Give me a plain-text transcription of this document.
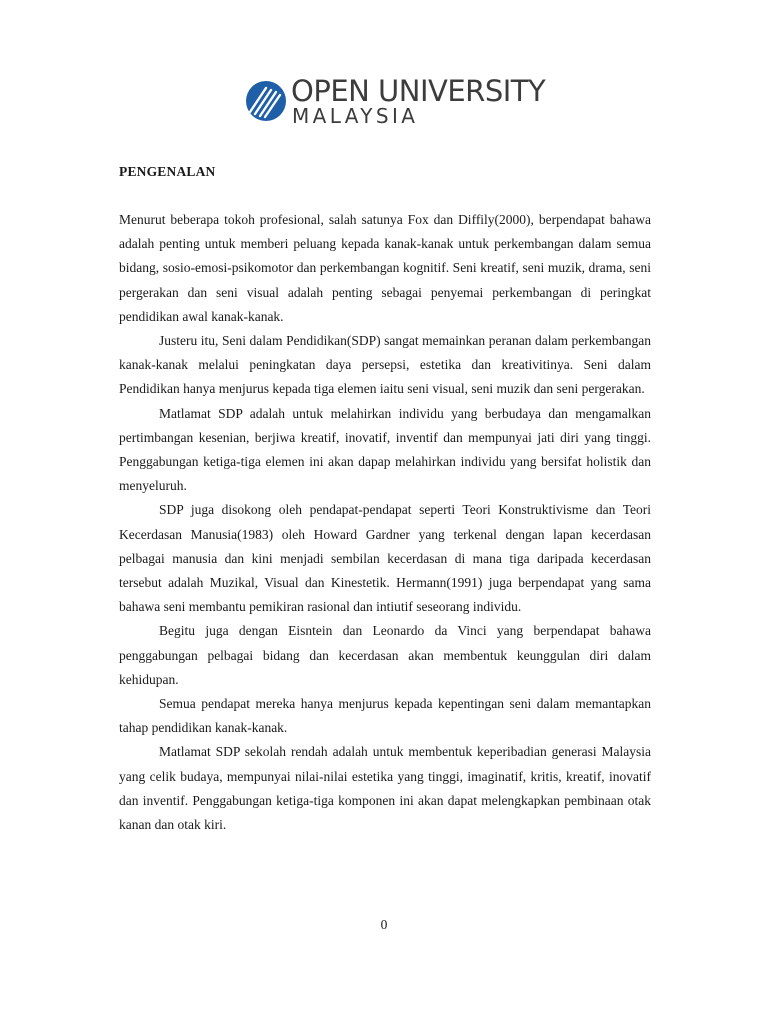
OPEN UNIVERSITY
MALAYSIA
PENGENALAN

Menurut beberapa tokoh profesional, salah satunya Fox dan Diffily(2000), berpendapat bahawa adalah penting untuk memberi peluang kepada kanak-kanak untuk perkembangan dalam semua bidang, sosio-emosi-psikomotor dan perkembangan kognitif. Seni kreatif, seni muzik, drama, seni pergerakan dan seni visual adalah penting sebagai penyemai perkembangan di peringkat pendidikan awal kanak-kanak.

Justeru itu, Seni dalam Pendidikan(SDP) sangat memainkan peranan dalam perkembangan kanak-kanak melalui peningkatan daya persepsi, estetika dan kreativitinya. Seni dalam Pendidikan hanya menjurus kepada tiga elemen iaitu seni visual, seni muzik dan seni pergerakan.

Matlamat SDP adalah untuk melahirkan individu yang berbudaya dan mengamalkan pertimbangan kesenian, berjiwa kreatif, inovatif, inventif dan mempunyai jati diri yang tinggi. Penggabungan ketiga-tiga elemen ini akan dapap melahirkan individu yang bersifat holistik dan menyeluruh.

SDP juga disokong oleh pendapat-pendapat seperti Teori Konstruktivisme dan Teori Kecerdasan Manusia(1983) oleh Howard Gardner yang terkenal dengan lapan kecerdasan pelbagai manusia dan kini menjadi sembilan kecerdasan di mana tiga daripada kecerdasan tersebut adalah Muzikal, Visual dan Kinestetik. Hermann(1991) juga berpendapat yang sama bahawa seni membantu pemikiran rasional dan intiutif seseorang individu.

Begitu juga dengan Eisntein dan Leonardo da Vinci yang berpendapat bahawa penggabungan pelbagai bidang dan kecerdasan akan membentuk keunggulan diri dalam kehidupan.

Semua pendapat mereka hanya menjurus kepada kepentingan seni dalam memantapkan tahap pendidikan kanak-kanak.

Matlamat SDP sekolah rendah adalah untuk membentuk keperibadian generasi Malaysia yang celik budaya, mempunyai nilai-nilai estetika yang tinggi, imaginatif, kritis, kreatif, inovatif dan inventif. Penggabungan ketiga-tiga komponen ini akan dapat melengkapkan pembinaan otak kanan dan otak kiri.

0
